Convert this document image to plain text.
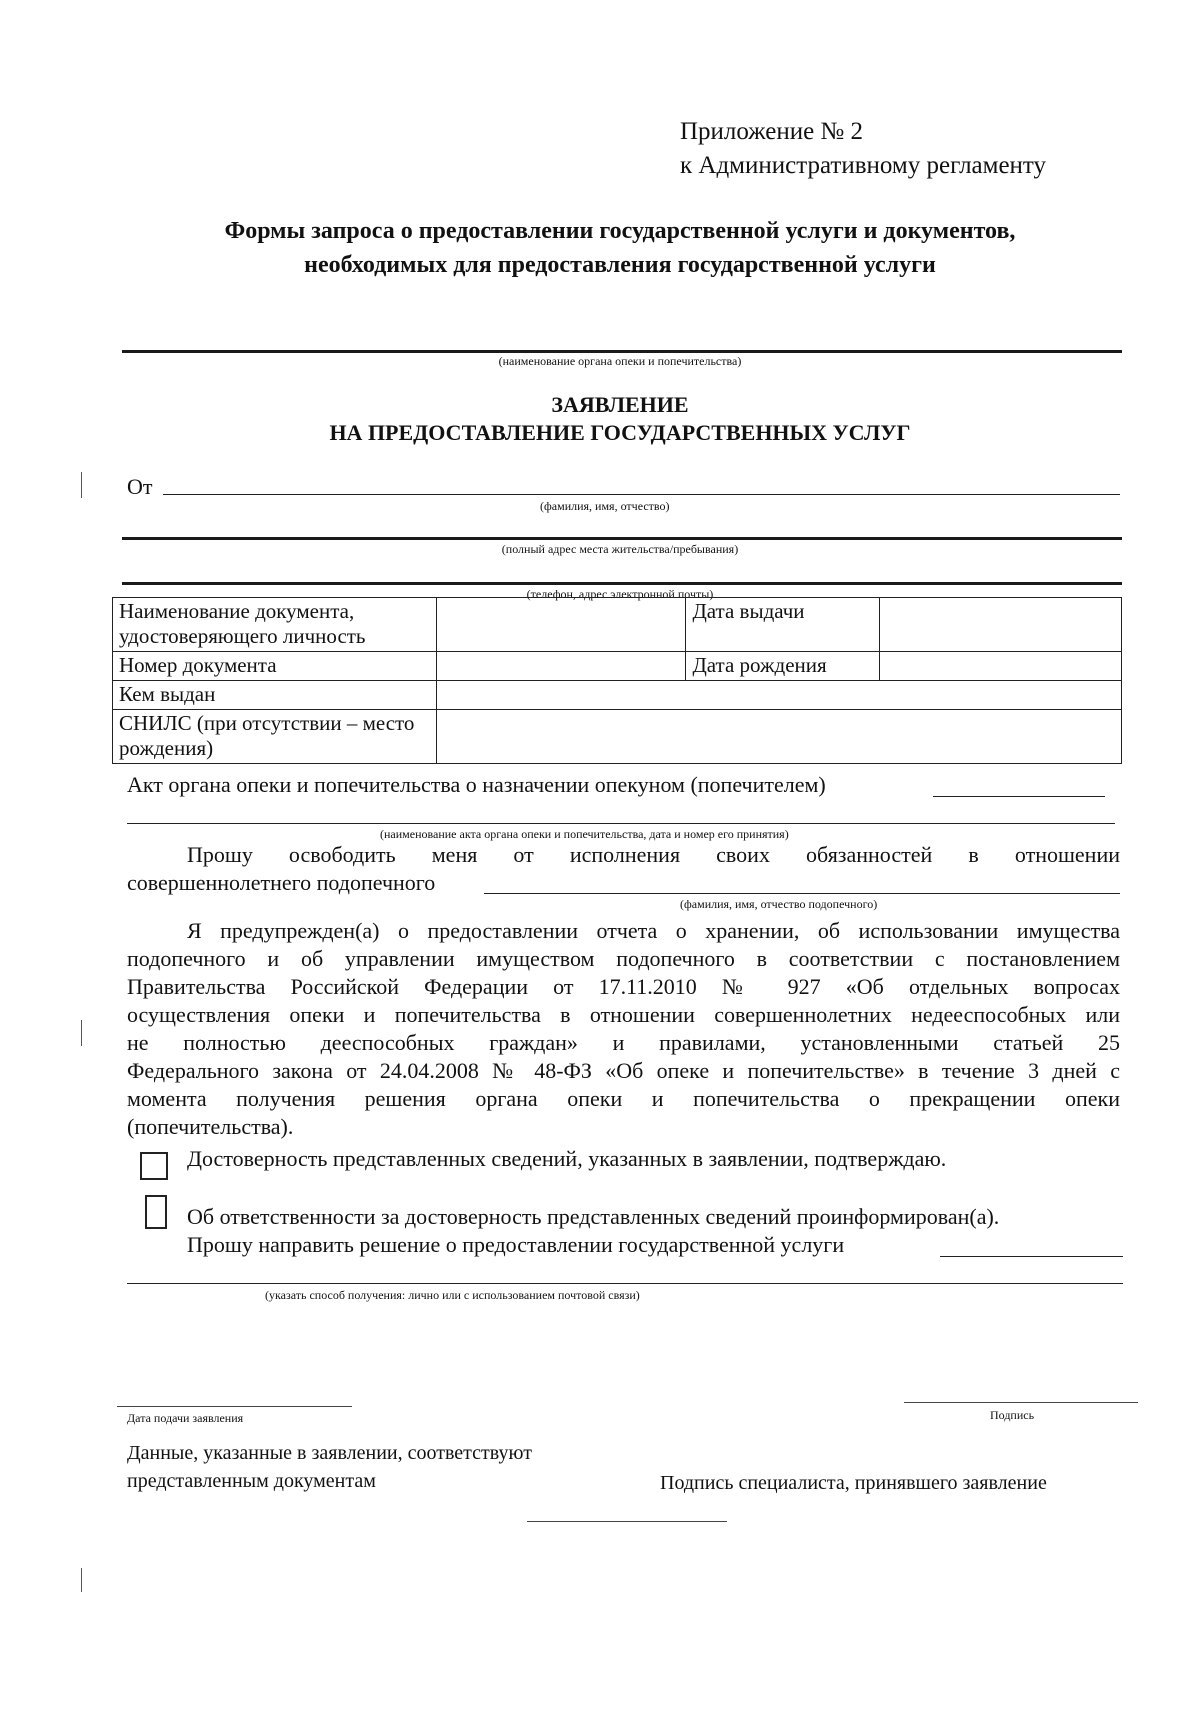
Приложение № 2
к Административному регламенту
Формы запроса о предоставлении государственной услуги и документов,
необходимых для предоставления государственной услуги
(наименование органа опеки и попечительства)
ЗАЯВЛЕНИЕ
НА ПРЕДОСТАВЛЕНИЕ ГОСУДАРСТВЕННЫХ УСЛУГ
От
(фамилия, имя, отчество)
(полный адрес места жительства/пребывания)
(телефон, адрес электронной почты)
Наименование документа, удостоверяющего личность		Дата выдачи	
Номер документа		Дата рождения	
Кем выдан			
СНИЛС (при отсутствии – место рождения)			
Акт органа опеки и попечительства о назначении опекуном (попечителем)
(наименование акта органа опеки и попечительства, дата и номер его принятия)
Прошу освободить меня от исполнения своих обязанностей в отношении
совершеннолетнего подопечного
(фамилия, имя, отчество подопечного)
Я предупрежден(а) о предоставлении отчета о хранении, об использовании имущества
подопечного и об управлении имуществом подопечного в соответствии с постановлением
Правительства Российской Федерации от 17.11.2010 № 927 «Об отдельных вопросах
осуществления опеки и попечительства в отношении совершеннолетних недееспособных или
не полностью дееспособных граждан» и правилами, установленными статьей 25
Федерального закона от 24.04.2008 № 48-ФЗ «Об опеке и попечительстве» в течение 3 дней с
момента получения решения органа опеки и попечительства о прекращении опеки
(попечительства).
Достоверность представленных сведений, указанных в заявлении, подтверждаю.
Об ответственности за достоверность представленных сведений проинформирован(а).
Прошу направить решение о предоставлении государственной услуги
(указать способ получения: лично или с использованием почтовой связи)
Дата подачи заявления	Подпись
Данные, указанные в заявлении, соответствуют
представленным документам	Подпись специалиста, принявшего заявление
